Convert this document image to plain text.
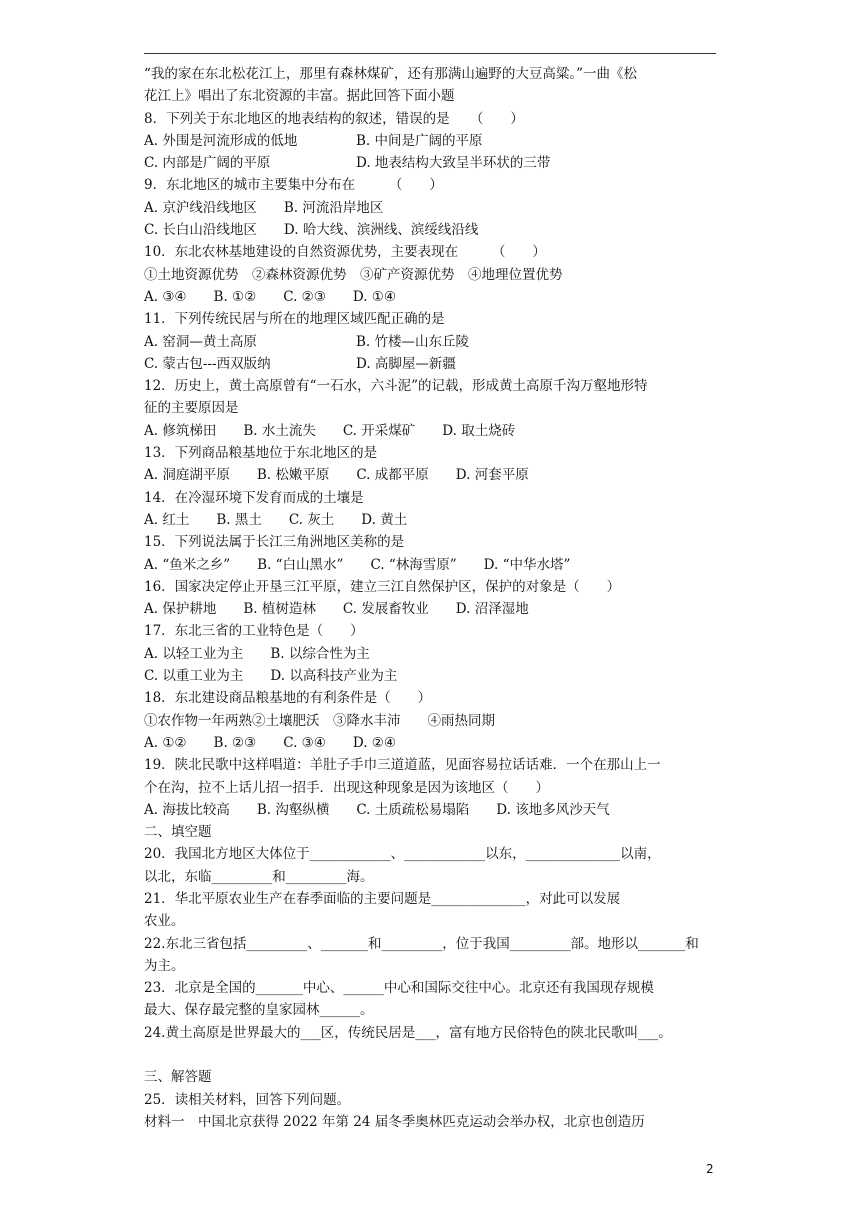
“我的家在东北松花江上，那里有森林煤矿，还有那满山遍野的大豆高粱。”一曲《松
花江上》唱出了东北资源的丰富。据此回答下面小题
8．下列关于东北地区的地表结构的叙述，错误的是　　（　　）
A. 外围是河流形成的低地	B. 中间是广阔的平原
C. 内部是广阔的平原	D. 地表结构大致呈半环状的三带
9．东北地区的城市主要集中分布在　　　（　　）
A. 京沪线沿线地区　　B. 河流沿岸地区
C. 长白山沿线地区　　D. 哈大线、滨洲线、滨绥线沿线
10．东北农林基地建设的自然资源优势，主要表现在　　　（　　）
①土地资源优势　②森林资源优势　③矿产资源优势　④地理位置优势
A. ③④　　B. ①②　　C. ②③　　D. ①④
11．下列传统民居与所在的地理区域匹配正确的是
A. 窑洞—黄土高原	B. 竹楼—山东丘陵
C. 蒙古包---西双版纳	D. 高脚屋—新疆
12．历史上，黄土高原曾有“一石水，六斗泥”的记载，形成黄土高原千沟万壑地形特
征的主要原因是
A. 修筑梯田　　B. 水土流失　　C. 开采煤矿　　D. 取土烧砖
13．下列商品粮基地位于东北地区的是
A. 洞庭湖平原　　B. 松嫩平原　　C. 成都平原　　D. 河套平原
14．在冷湿环境下发育而成的土壤是
A. 红土　　B. 黑土　　C. 灰土　　D. 黄土
15．下列说法属于长江三角洲地区美称的是
A. “鱼米之乡”　　B. “白山黑水”　　C. “林海雪原”　　D. “中华水塔”
16．国家决定停止开垦三江平原，建立三江自然保护区，保护的对象是（　　）
A. 保护耕地　　B. 植树造林　　C. 发展畜牧业　　D. 沼泽湿地
17．东北三省的工业特色是（　　）
A. 以轻工业为主　　B. 以综合性为主
C. 以重工业为主　　D. 以高科技产业为主
18．东北建设商品粮基地的有利条件是（　　）
①农作物一年两熟②土壤肥沃　③降水丰沛　　④雨热同期
A. ①②　　B. ②③　　C. ③④　　D. ②④
19．陕北民歌中这样唱道：羊肚子手巾三道道蓝，见面容易拉话话难．一个在那山上一
个在沟，拉不上话儿招一招手．出现这种现象是因为该地区（　　）
A. 海拔比较高　　B. 沟壑纵横　　C. 土质疏松易塌陷　　D. 该地多风沙天气
二、填空题
20．我国北方地区大体位于____________、____________以东，______________以南，
以北，东临_________和_________海。
21．华北平原农业生产在春季面临的主要问题是______________，对此可以发展
农业。
22.东北三省包括_________、_______和_________，位于我国_________部。地形以_______和
为主。
23．北京是全国的_______中心、______中心和国际交往中心。北京还有我国现存规模
最大、保存最完整的皇家园林______。
24.黄土高原是世界最大的___区，传统民居是___，富有地方民俗特色的陕北民歌叫___。
三、解答题
25．读相关材料，回答下列问题。
材料一　中国北京获得 2022 年第 24 届冬季奥林匹克运动会举办权，北京也创造历
2
